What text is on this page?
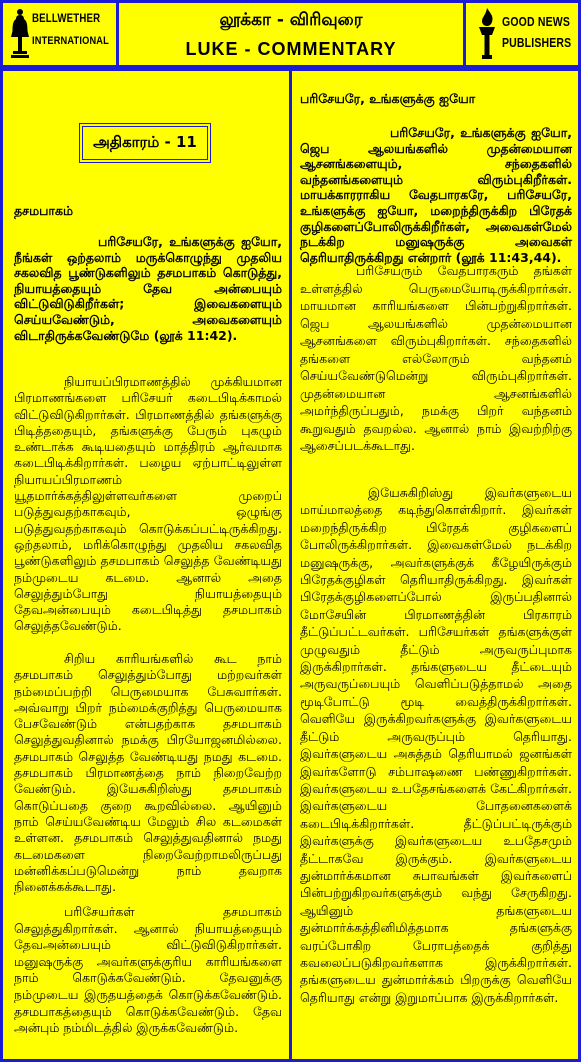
BELLWETHER
INTERNATIONAL
லூக்கா - விரிவுரை
LUKE - COMMENTARY
GOOD NEWS
PUBLISHERS
அதிகாரம் - 11
தசமபாகம்

பரிசேயரே, உங்களுக்கு ஐயோ, நீங்கள் ஒற்தலாம் மருக்கொழுந்து முதலிய சகலவித பூண்டுகளிலும் தசமபாகம் கொடுத்து, நியாயத்தையும் தேவ அன்பையும் விட்டுவிடுகிறீர்கள்; இவைகளையும் செய்யவேண்டும், அவைகளையும் விடாதிருக்கவேண்டுமே (லூக் 11:42).

நியாயப்பிரமாணத்தில் முக்கியமான பிரமாணங்களை பரிசேயர் கடைபிடிக்காமல் விட்டுவிடுகிறார்கள். பிரமாணத்தில் தங்களுக்கு பிடித்ததையும், தங்களுக்கு பேரும் புகழும் உண்டாக்க கூடியதையும் மாத்திரம் ஆர்வமாக கடைபிடிக்கிறார்கள். பழைய ஏற்பாட்டிலுள்ள நியாயப்பிரமாணம் யூதமார்க்கத்திலுள்ளவர்களை முறைப் படுத்துவதற்காகவும், ஒழுங்கு படுத்துவதற்காகவும் கொடுக்கப்பட்டிருக்கிறது. ஒற்தலாம், மரிக்கொழுந்து முதலிய சகலவித பூண்டுகளிலும் தசமபாகம் செலுத்த வேண்டியது நம்முடைய கடமை. ஆனால் அதை செலுத்தும்போது நியாயத்தையும் தேவஅன்பையும் கடைபிடித்து தசமபாகம் செலுத்தவேண்டும்.

சிறிய காரியங்களில் கூட நாம் தசமபாகம் செலுத்தும்போது மற்றவர்கள் நம்மைப்பற்றி பெருமையாக பேசுவார்கள். அவ்வாறு பிறர் நம்மைக்குறித்து பெருமையாக பேசவேண்டும் என்பதற்காக தசமபாகம் செலுத்துவதினால் நமக்கு பிரயோஜனமில்லை. தசமபாகம் செலுத்த வேண்டியது நமது கடமை. தசமபாகம் பிரமாணத்தை நாம் நிறைவேற்ற வேண்டும். இயேசுகிறிஸ்து தசமபாகம் கொடுப்பதை குறை கூறவில்லை. ஆயினும் நாம் செய்யவேண்டிய மேலும் சில கடமைகள் உள்ளன. தசமபாகம் செலுத்துவதினால் நமது கடமைகளை நிறைவேற்றாமலிருப்பது மன்னிக்கப்படுமென்று நாம் தவறாக நினைக்கக்கூடாது.

பரிசேயர்கள் தசமபாகம் செலுத்துகிறார்கள். ஆனால் நியாயத்தையும் தேவஅன்பையும் விட்டுவிடுகிறார்கள். மனுஷருக்கு அவர்களுக்குரிய காரியங்களை நாம் கொடுக்கவேண்டும். தேவனுக்கு நம்முடைய இருதயத்தைக் கொடுக்கவேண்டும். தசமபாகத்தையும் கொடுக்கவேண்டும். தேவ அன்பும் நம்மிடத்தில் இருக்கவேண்டும்.

பரிசேயரே, உங்களுக்கு ஐயோ

பரிசேயரே, உங்களுக்கு ஐயோ, ஜெப ஆலயங்களில் முதன்மையான ஆசனங்களையும், சந்தைகளில் வந்தனங்களையும் விரும்புகிறீர்கள். மாயக்காரராகிய வேதபாரகரே, பரிசேயரே, உங்களுக்கு ஐயோ, மறைந்திருக்கிற பிரேதக் குழிகளைப்போலிருக்கிறீர்கள், அவைகள்மேல் நடக்கிற மனுஷருக்கு அவைகள் தெரியாதிருக்கிறது என்றார் (லூக் 11:43,44).

பரிசேயரும் வேதபாரகரும் தங்கள் உள்ளத்தில் பெருமையோடிருக்கிறார்கள். மாயமான காரியங்களை பின்பற்றுகிறார்கள். ஜெப ஆலயங்களில் முதன்மையான ஆசனங்களை விரும்புகிறார்கள். சந்தைகளில் தங்களை எல்லோரும் வந்தனம் செய்யவேண்டுமென்று விரும்புகிறார்கள். முதன்மையான ஆசனங்களில் அமர்ந்திருப்பதும், நமக்கு பிறர் வந்தனம் கூறுவதும் தவறல்ல. ஆனால் நாம் இவற்றிற்கு ஆசைப்படக்கூடாது.

இயேசுகிறிஸ்து இவர்களுடைய மாய்மாலத்தை கடிந்துகொள்கிறார். இவர்கள் மறைந்திருக்கிற பிரேதக் குழிகளைப் போலிருக்கிறார்கள். இவைகள்மேல் நடக்கிற மனுஷருக்கு, அவர்களுக்குக் கீழேயிருக்கும் பிரேதக்குழிகள் தெரியாதிருக்கிறது. இவர்கள் பிரேதக்குழிகளைப்போல் இருப்பதினால் மோசேயின் பிரமாணத்தின் பிரகாரம் தீட்டுப்பட்டவர்கள். பரிசேயர்கள் தங்களுக்குள் முழுவதும் தீட்டும் அருவருப்புமாக இருக்கிறார்கள். தங்களுடைய தீட்டையும் அருவருப்பையும் வெளிப்படுத்தாமல் அதை மூடிபோட்டு மூடி வைத்திருக்கிறார்கள். வெளியே இருக்கிறவர்களுக்கு இவர்களுடைய தீட்டும் அருவருப்பும் தெரியாது. இவர்களுடைய அசுத்தம் தெரியாமல் ஜனங்கள் இவர்களோடு சம்பாஷணை பண்ணுகிறார்கள். இவர்களுடைய உபதேசங்களைக் கேட்கிறார்கள். இவர்களுடைய போதனைகளைக் கடைபிடிக்கிறார்கள். தீட்டுப்பட்டிருக்கும் இவர்களுக்கு இவர்களுடைய உபதேசமும் தீட்டாகவே இருக்கும். இவர்களுடைய துன்மார்க்கமான சுபாவங்கள் இவர்களைப் பின்பற்றுகிறவர்களுக்கும் வந்து சேருகிறது. ஆயினும் தங்களுடைய துன்மார்க்கத்தினிமித்தமாக தங்களுக்கு வரப்போகிற பேராபத்தைக் குறித்து கவலைப்படுகிறவர்களாக இருக்கிறார்கள். தங்களுடைய துன்மார்க்கம் பிறருக்கு வெளியே தெரியாது என்று இறுமாப்பாக இருக்கிறார்கள்.
